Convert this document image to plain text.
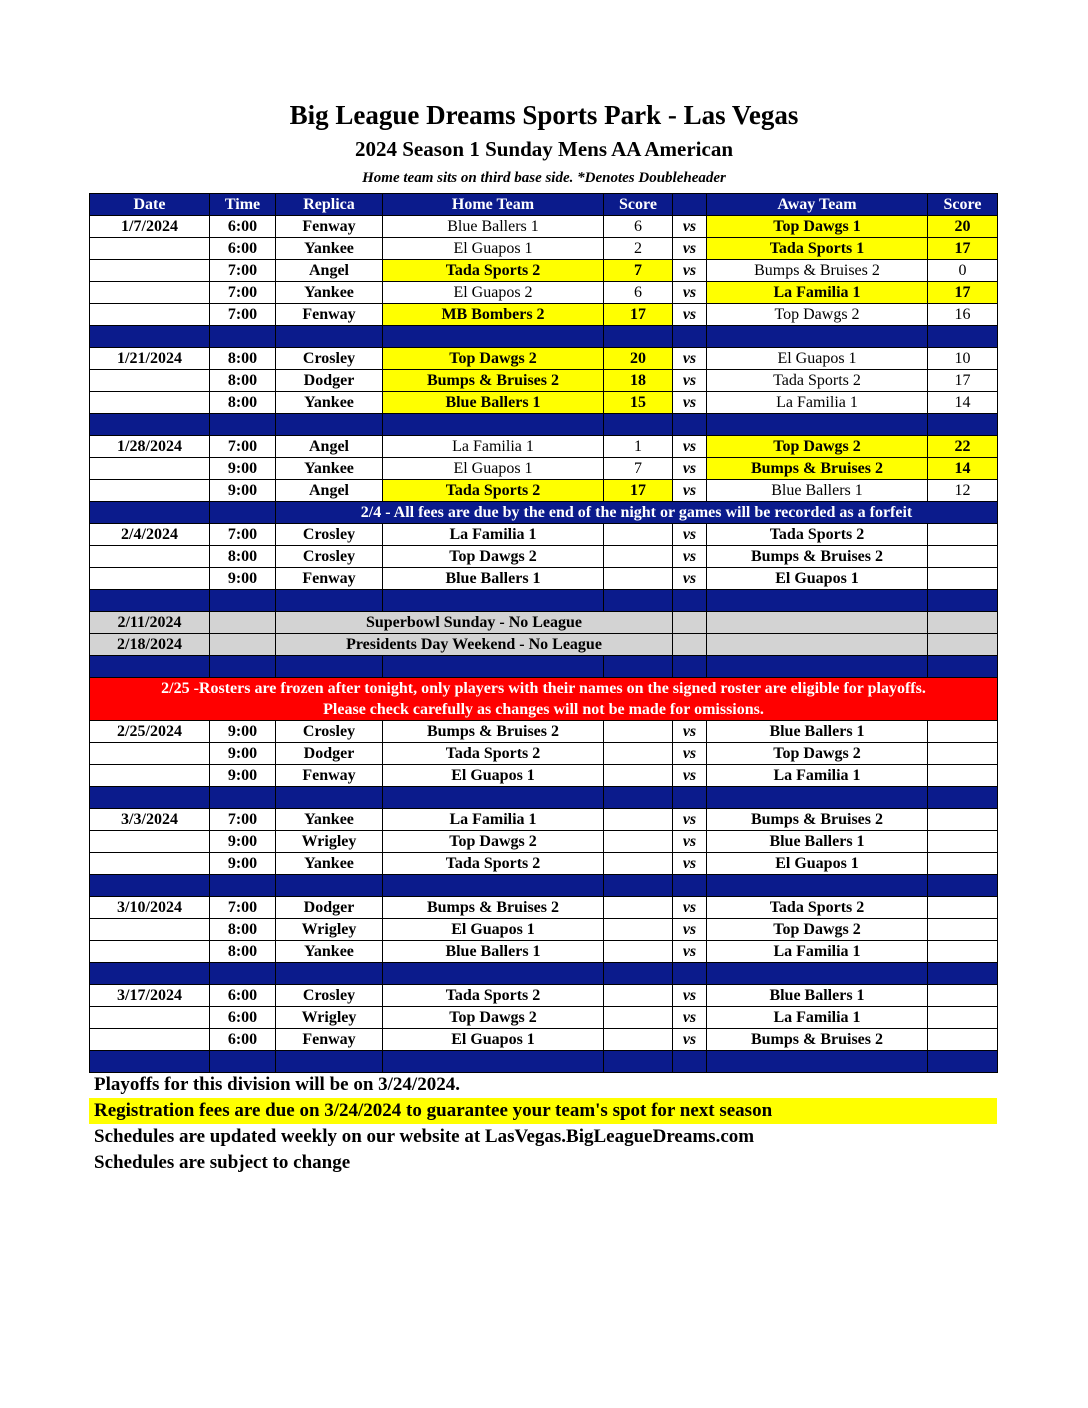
Big League Dreams Sports Park - Las Vegas
2024 Season 1 Sunday Mens AA American
Home team sits on third base side. *Denotes Doubleheader
Date	Time	Replica	Home Team	Score		Away Team	Score
1/7/2024	6:00	Fenway	Blue Ballers 1	6	vs	Top Dawgs 1	20
	6:00	Yankee	El Guapos 1	2	vs	Tada Sports 1	17
	7:00	Angel	Tada Sports 2	7	vs	Bumps & Bruises 2	0
	7:00	Yankee	El Guapos 2	6	vs	La Familia 1	17
	7:00	Fenway	MB Bombers 2	17	vs	Top Dawgs 2	16

1/21/2024	8:00	Crosley	Top Dawgs 2	20	vs	El Guapos 1	10
	8:00	Dodger	Bumps & Bruises 2	18	vs	Tada Sports 2	17
	8:00	Yankee	Blue Ballers 1	15	vs	La Familia 1	14

1/28/2024	7:00	Angel	La Familia 1	1	vs	Top Dawgs 2	22
	9:00	Yankee	El Guapos 1	7	vs	Bumps & Bruises 2	14
	9:00	Angel	Tada Sports 2	17	vs	Blue Ballers 1	12
		2/4 - All fees are due by the end of the night or games will be recorded as a forfeit					
2/4/2024	7:00	Crosley	La Familia 1		vs	Tada Sports 2	
	8:00	Crosley	Top Dawgs 2		vs	Bumps & Bruises 2	
	9:00	Fenway	Blue Ballers 1		vs	El Guapos 1	

2/11/2024		Superbowl Sunday - No League					
2/18/2024		Presidents Day Weekend - No League					

2/25 -Rosters are frozen after tonight, only players with their names on the signed roster are eligible for playoffs.
Please check carefully as changes will not be made for omissions.							

2/25/2024	9:00	Crosley	Bumps & Bruises 2		vs	Blue Ballers 1	
	9:00	Dodger	Tada Sports 2		vs	Top Dawgs 2	
	9:00	Fenway	El Guapos 1		vs	La Familia 1	

3/3/2024	7:00	Yankee	La Familia 1		vs	Bumps & Bruises 2	
	9:00	Wrigley	Top Dawgs 2		vs	Blue Ballers 1	
	9:00	Yankee	Tada Sports 2		vs	El Guapos 1	

3/10/2024	7:00	Dodger	Bumps & Bruises 2		vs	Tada Sports 2	
	8:00	Wrigley	El Guapos 1		vs	Top Dawgs 2	
	8:00	Yankee	Blue Ballers 1		vs	La Familia 1	

3/17/2024	6:00	Crosley	Tada Sports 2		vs	Blue Ballers 1	
	6:00	Wrigley	Top Dawgs 2		vs	La Familia 1	
	6:00	Fenway	El Guapos 1		vs	Bumps & Bruises 2	

Playoffs for this division will be on 3/24/2024.
Registration fees are due on 3/24/2024 to guarantee your team's spot for next season
Schedules are updated weekly on our website at LasVegas.BigLeagueDreams.com
Schedules are subject to change
